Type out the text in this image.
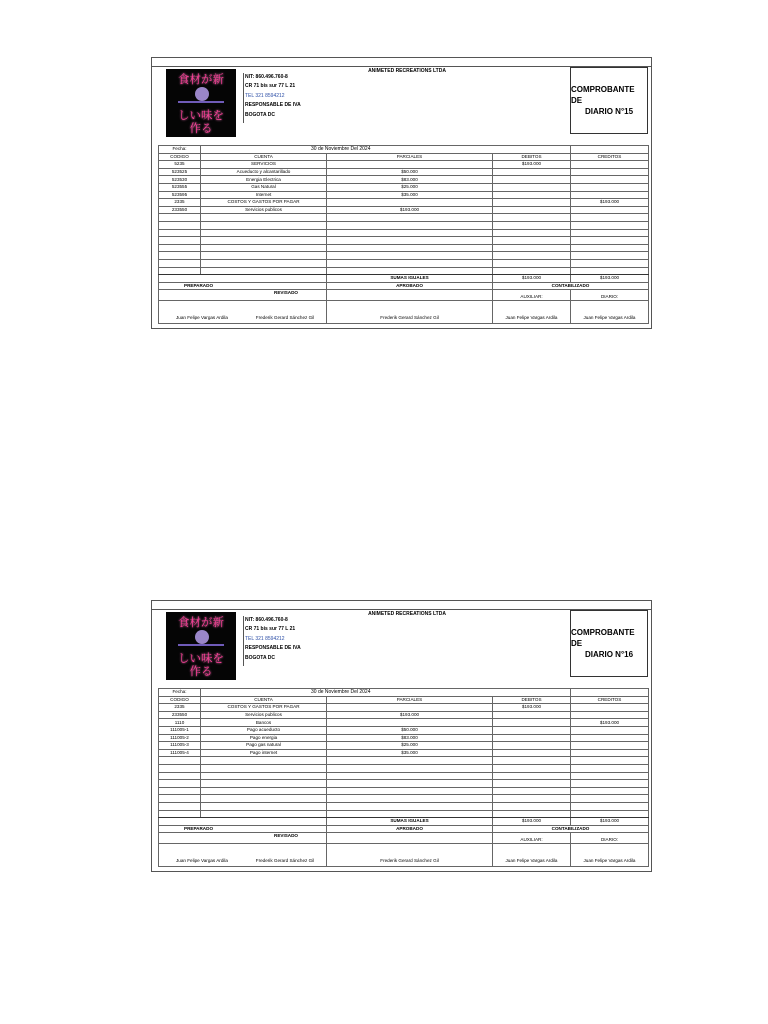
食材が新
しい味を
作る
ANIMETED RECREATIONS LTDA
NIT: 860.496.760-8
CR 71 bis sur 77 L 21
TEL 321 8594212
RESPONSABLE DE IVA
BOGOTA DC
COMPROBANTE DE
DIARIO N°15
Fecha:	30 de Noviembre Del 2024			
CODIGO	CUENTA	PARCIALES	DEBITOS	CREDITOS
5235	SERVICIOS		$193.000	
523525	Acueducto y alcantarillado	$50.000		
523530	Energia Electrica	$83.000		
523555	Gas Natural	$25.000		
523595	Internet	$35.000		
2335	COSTOS Y GASTOS POR PAGAR			$193.000
233550	Servicios publicos	$193.000		

		SUMAS IGUALES	$193.000	$193.000
PREPARADO		APROBADO	CONTABILIZADO	
REVISADO			AUXILIAR:	DIARIO:
Juan Felipe Vargas Ardila Frederik Gerard Sánchez Gil		Frederik Gerard Sánchez Gil	Juan Felipe Vargas Ardila	Juan Felipe Vargas Ardila
食材が新
しい味を
作る
ANIMETED RECREATIONS LTDA
NIT: 860.496.760-8
CR 71 bis sur 77 L 21
TEL 321 8594212
RESPONSABLE DE IVA
BOGOTA DC
COMPROBANTE DE
DIARIO N°16
Fecha:	30 de Noviembre Del 2024			
CODIGO	CUENTA	PARCIALES	DEBITOS	CREDITOS
2335	COSTOS Y GASTOS POR PAGAR		$193.000	
233550	Servicios publicos	$193.000		
1110	Bancos			$193.000
111005-1	Pago acueducto	$50.000		
111005-2	Pago energia	$83.000		
111005-3	Pago gas natural	$25.000		
111005-4	Pago internet	$35.000		

		SUMAS IGUALES	$193.000	$193.000
PREPARADO		APROBADO	CONTABILIZADO	
REVISADO			AUXILIAR:	DIARIO:
Juan Felipe Vargas Ardila Frederik Gerard Sánchez Gil		Frederik Gerard Sánchez Gil	Juan Felipe Vargas Ardila	Juan Felipe Vargas Ardila
